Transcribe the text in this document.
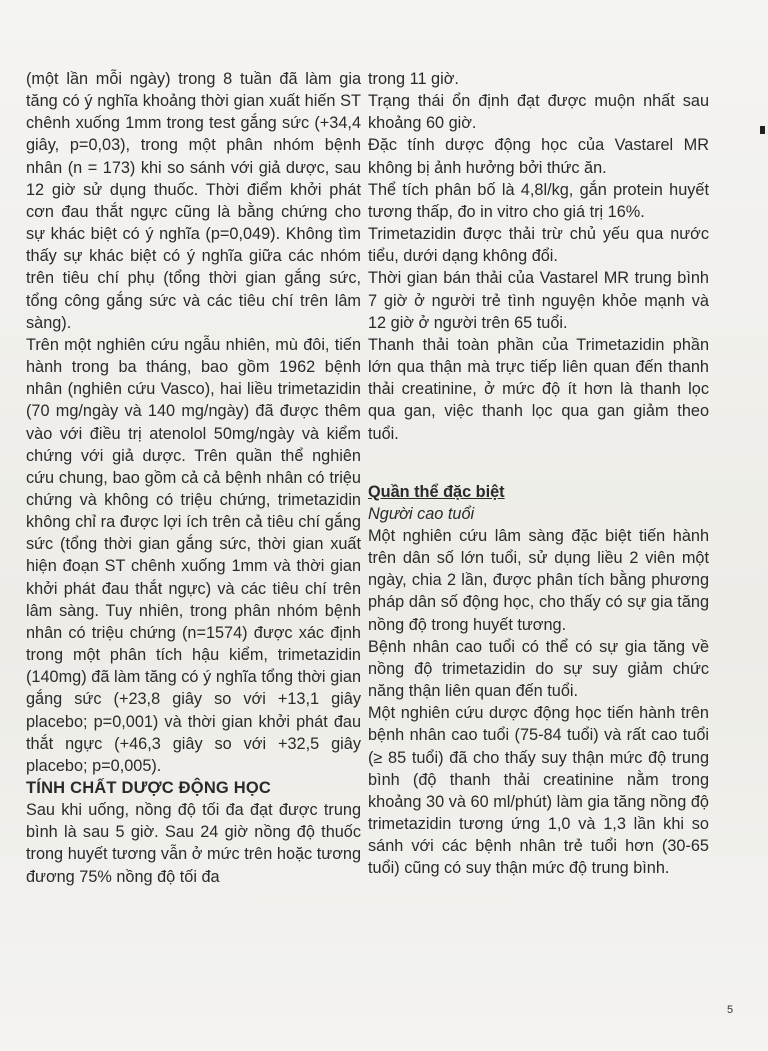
(một lần mỗi ngày) trong 8 tuần đã làm gia tăng có ý nghĩa khoảng thời gian xuất hiến ST chênh xuống 1mm trong test gắng sức (+34,4 giây, p=0,03), trong một phân nhóm bệnh nhân (n = 173) khi so sánh với giả dược, sau 12 giờ sử dụng thuốc. Thời điểm khởi phát cơn đau thắt ngực cũng là bằng chứng cho sự khác biệt có ý nghĩa (p=0,049). Không tìm thấy sự khác biệt có ý nghĩa giữa các nhóm trên tiêu chí phụ (tổng thời gian gắng sức, tổng công gắng sức và các tiêu chí trên lâm sàng).

Trên một nghiên cứu ngẫu nhiên, mù đôi, tiến hành trong ba tháng, bao gồm 1962 bệnh nhân (nghiên cứu Vasco), hai liều trimetazidin (70 mg/ngày và 140 mg/ngày) đã được thêm vào với điều trị atenolol 50mg/ngày và kiểm chứng với giả dược. Trên quần thể nghiên cứu chung, bao gồm cả cả bệnh nhân có triệu chứng và không có triệu chứng, trimetazidin không chỉ ra được lợi ích trên cả tiêu chí gắng sức (tổng thời gian gắng sức, thời gian xuất hiện đoạn ST chênh xuống 1mm và thời gian khởi phát đau thắt ngực) và các tiêu chí trên lâm sàng. Tuy nhiên, trong phân nhóm bệnh nhân có triệu chứng (n=1574) được xác định trong một phân tích hậu kiểm, trimetazidin (140mg) đã làm tăng có ý nghĩa tổng thời gian gắng sức (+23,8 giây so với +13,1 giây placebo; p=0,001) và thời gian khởi phát đau thắt ngực (+46,3 giây so với +32,5 giây placebo; p=0,005).

TÍNH CHẤT DƯỢC ĐỘNG HỌC

Sau khi uống, nồng độ tối đa đạt được trung bình là sau 5 giờ. Sau 24 giờ nồng độ thuốc trong huyết tương vẫn ở mức trên hoặc tương đương 75% nồng độ tối đa

trong 11 giờ.

Trạng thái ổn định đạt được muộn nhất sau khoảng 60 giờ.

Đặc tính dược động học của Vastarel MR không bị ảnh hưởng bởi thức ăn.

Thể tích phân bố là 4,8l/kg, gắn protein huyết tương thấp, đo in vitro cho giá trị 16%.

Trimetazidin được thải trừ chủ yếu qua nước tiểu, dưới dạng không đổi.

Thời gian bán thải của Vastarel MR trung bình 7 giờ ở người trẻ tình nguyện khỏe mạnh và 12 giờ ở người trên 65 tuổi.

Thanh thải toàn phần của Trimetazidin phần lớn qua thận mà trực tiếp liên quan đến thanh thải creatinine, ở mức độ ít hơn là thanh lọc qua gan, việc thanh lọc qua gan giảm theo tuổi.

Quần thể đặc biệt

Người cao tuổi

Một nghiên cứu lâm sàng đặc biệt tiến hành trên dân số lớn tuổi, sử dụng liều 2 viên một ngày, chia 2 lần, được phân tích bằng phương pháp dân số động học, cho thấy có sự gia tăng nồng độ trong huyết tương.

Bệnh nhân cao tuổi có thể có sự gia tăng về nồng độ trimetazidin do sự suy giảm chức năng thận liên quan đến tuổi.

Một nghiên cứu dược động học tiến hành trên bệnh nhân cao tuổi (75-84 tuổi) và rất cao tuổi (≥ 85 tuổi) đã cho thấy suy thận mức độ trung bình (độ thanh thải creatinine nằm trong khoảng 30 và 60 ml/phút) làm gia tăng nồng độ trimetazidin tương ứng 1,0 và 1,3 lần khi so sánh với các bệnh nhân trẻ tuổi hơn (30-65 tuổi) cũng có suy thận mức độ trung bình.

5
